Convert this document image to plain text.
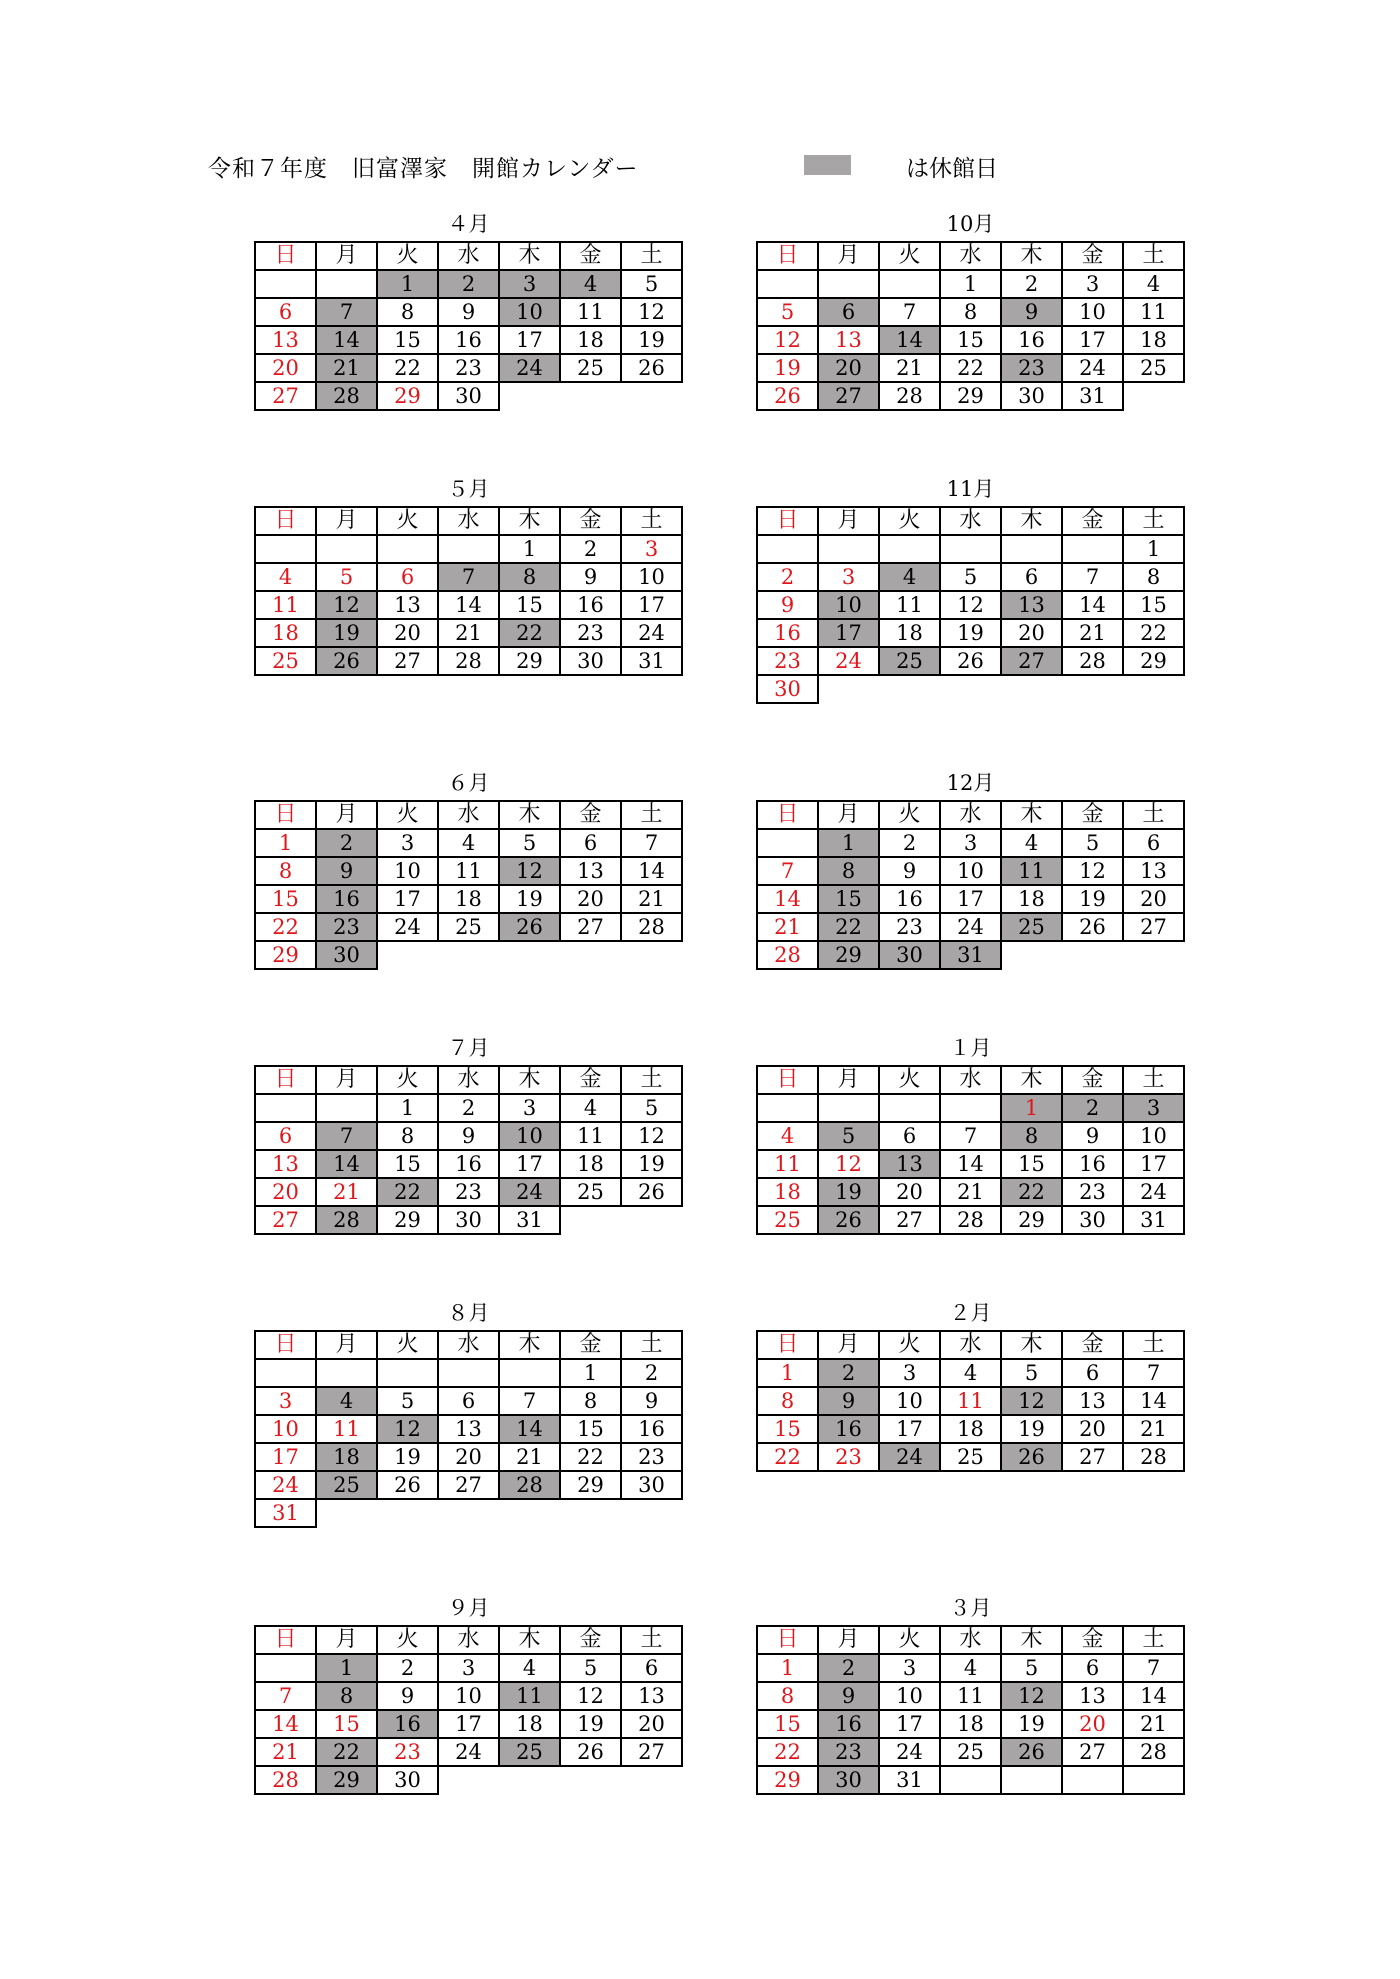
令和７年度　旧富澤家　開館カレンダー	は休館日
４月
日	月	火	水	木	金	土
		1	2	3	4	5
6	7	8	9	10	11	12
13	14	15	16	17	18	19
20	21	22	23	24	25	26
27	28	29	30			
10月
日	月	火	水	木	金	土
			1	2	3	4
5	6	7	8	9	10	11
12	13	14	15	16	17	18
19	20	21	22	23	24	25
26	27	28	29	30	31	
５月
日	月	火	水	木	金	土
				1	2	3
4	5	6	7	8	9	10
11	12	13	14	15	16	17
18	19	20	21	22	23	24
25	26	27	28	29	30	31
11月
日	月	火	水	木	金	土
						1
2	3	4	5	6	7	8
9	10	11	12	13	14	15
16	17	18	19	20	21	22
23	24	25	26	27	28	29
30						
６月
日	月	火	水	木	金	土
1	2	3	4	5	6	7
8	9	10	11	12	13	14
15	16	17	18	19	20	21
22	23	24	25	26	27	28
29	30					
12月
日	月	火	水	木	金	土
	1	2	3	4	5	6
7	8	9	10	11	12	13
14	15	16	17	18	19	20
21	22	23	24	25	26	27
28	29	30	31			
７月
日	月	火	水	木	金	土
		1	2	3	4	5
6	7	8	9	10	11	12
13	14	15	16	17	18	19
20	21	22	23	24	25	26
27	28	29	30	31		
１月
日	月	火	水	木	金	土
				1	2	3
4	5	6	7	8	9	10
11	12	13	14	15	16	17
18	19	20	21	22	23	24
25	26	27	28	29	30	31
８月
日	月	火	水	木	金	土
					1	2
3	4	5	6	7	8	9
10	11	12	13	14	15	16
17	18	19	20	21	22	23
24	25	26	27	28	29	30
31						
２月
日	月	火	水	木	金	土
1	2	3	4	5	6	7
8	9	10	11	12	13	14
15	16	17	18	19	20	21
22	23	24	25	26	27	28
９月
日	月	火	水	木	金	土
	1	2	3	4	5	6
7	8	9	10	11	12	13
14	15	16	17	18	19	20
21	22	23	24	25	26	27
28	29	30				
３月
日	月	火	水	木	金	土
1	2	3	4	5	6	7
8	9	10	11	12	13	14
15	16	17	18	19	20	21
22	23	24	25	26	27	28
29	30	31				
